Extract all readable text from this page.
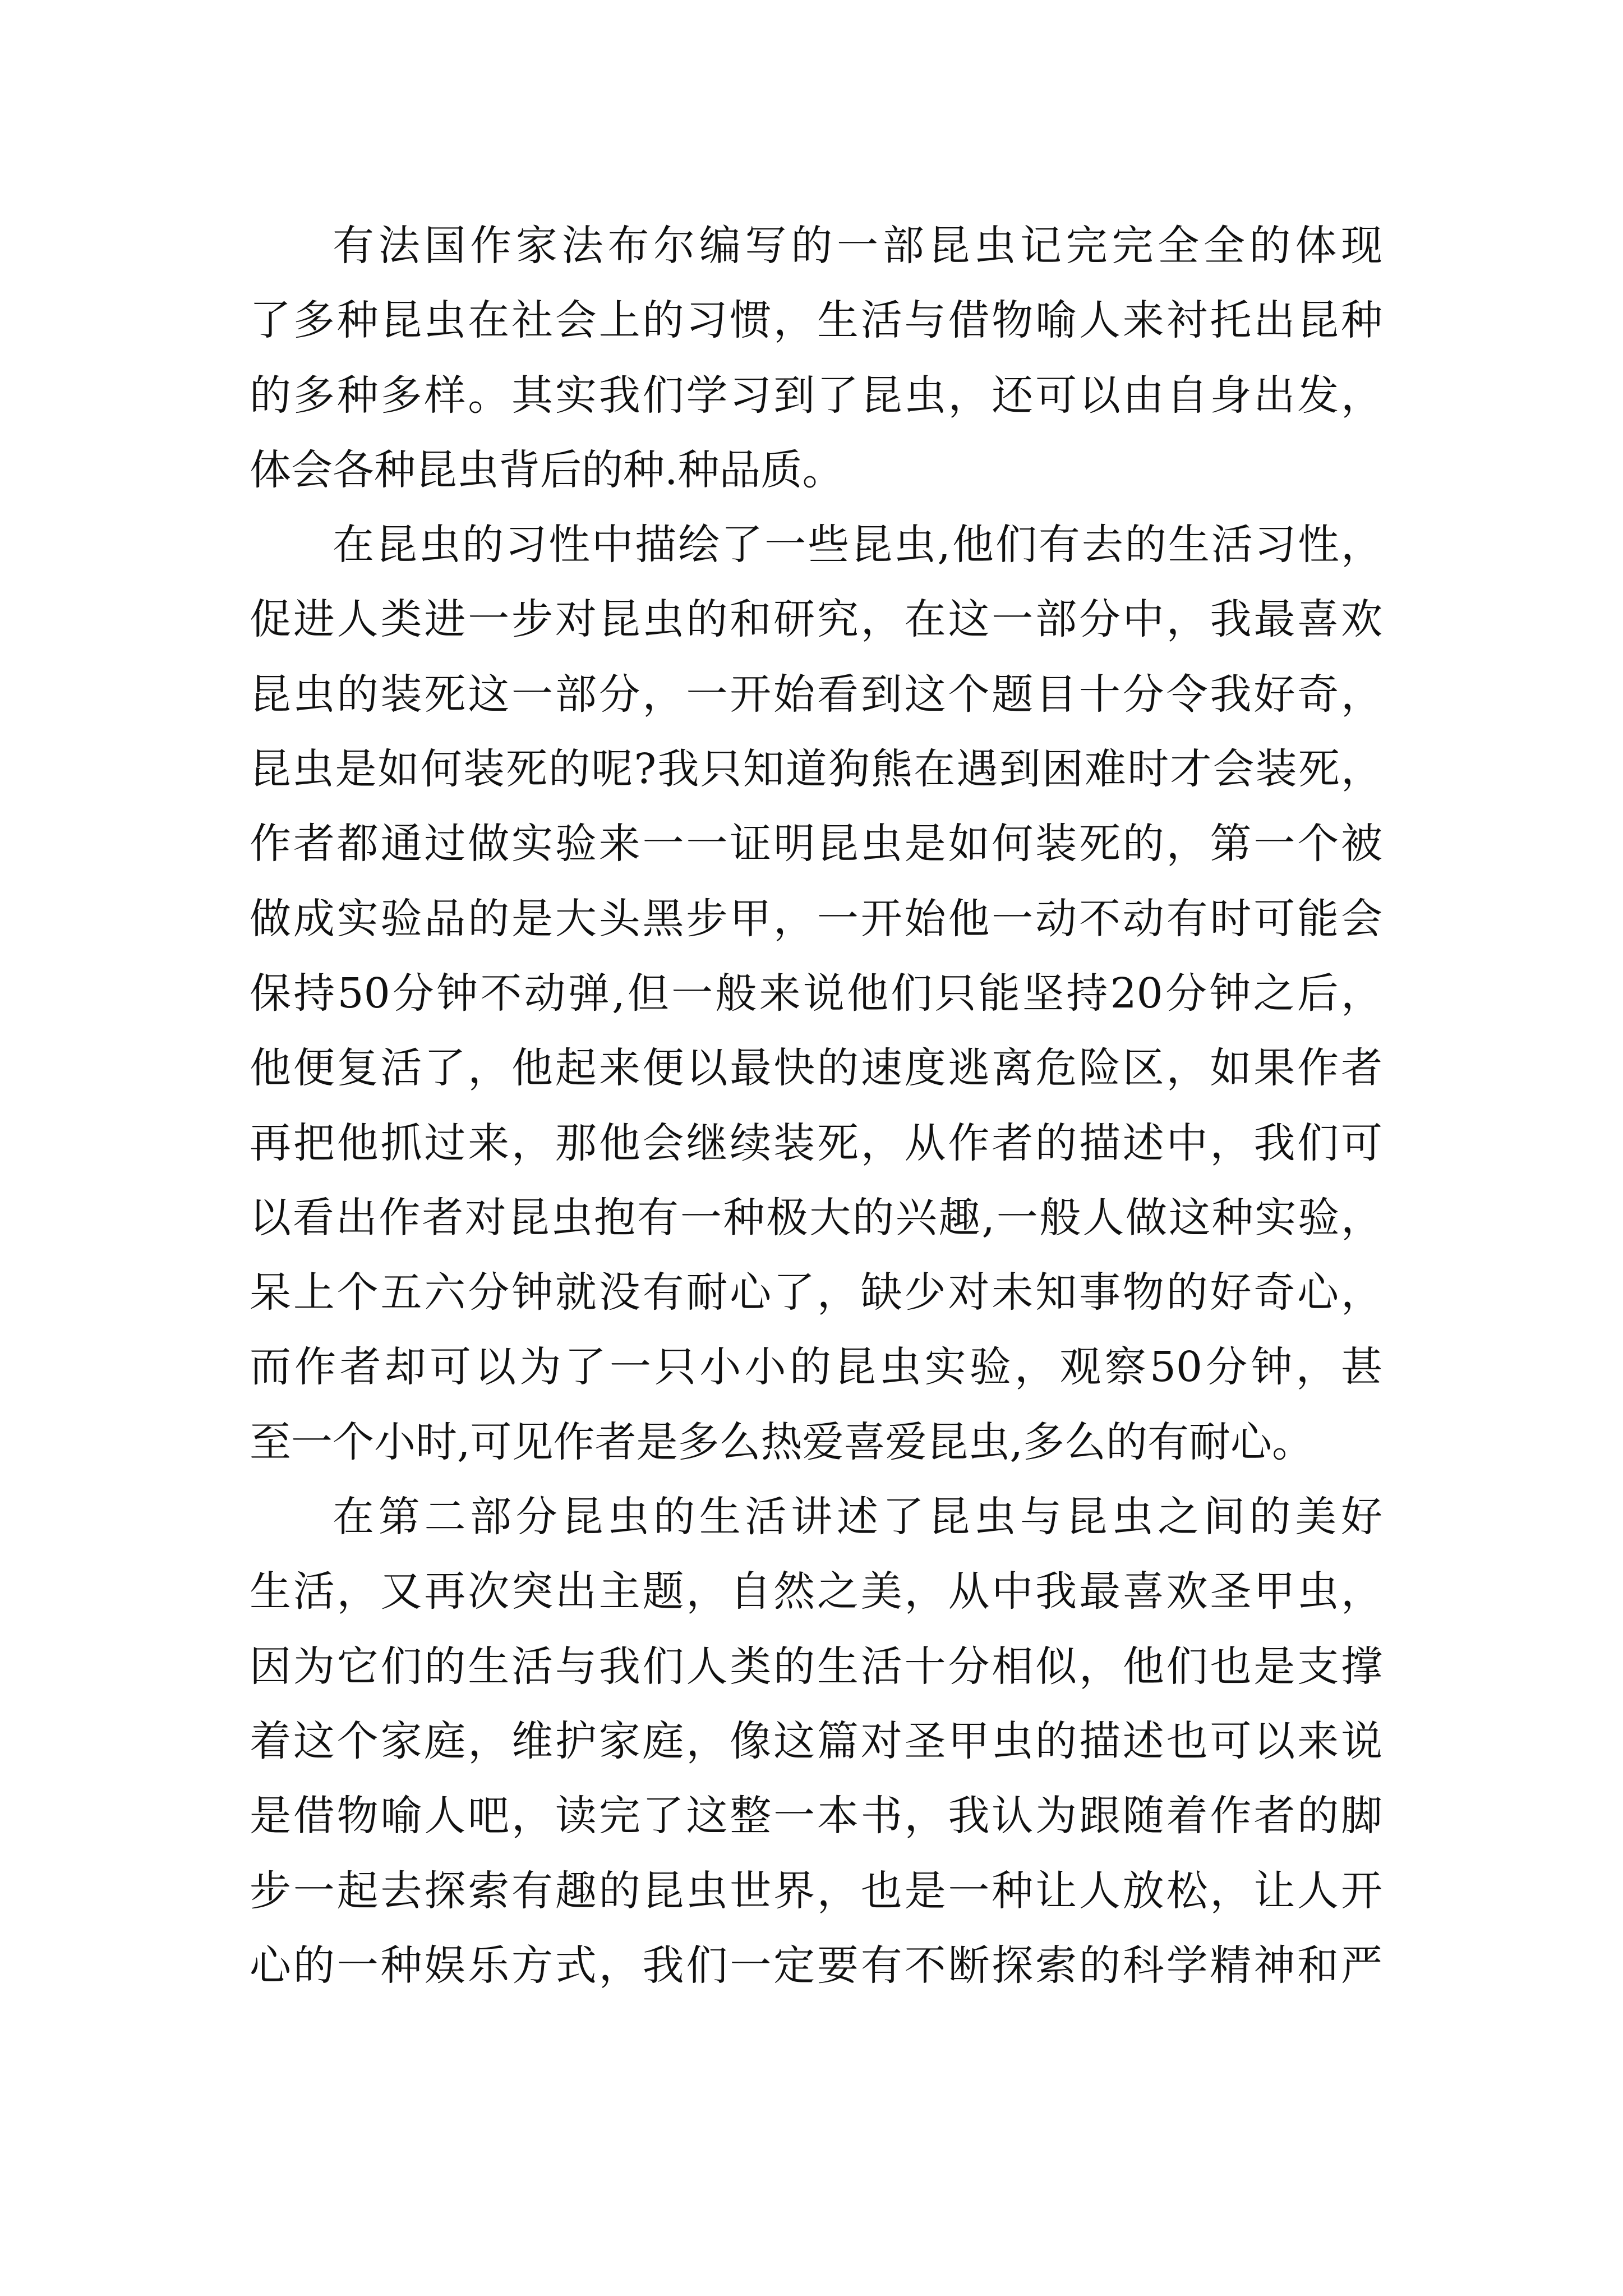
有法国作家法布尔编写的一部昆虫记完完全全的体现
了多种昆虫在社会上的习惯，生活与借物喻人来衬托出昆种
的多种多样。其实我们学习到了昆虫，还可以由自身出发，
体会各种昆虫背后的种.种品质。
在昆虫的习性中描绘了一些昆虫,他们有去的生活习性，
促进人类进一步对昆虫的和研究，在这一部分中，我最喜欢
昆虫的装死这一部分，一开始看到这个题目十分令我好奇，
昆虫是如何装死的呢?我只知道狗熊在遇到困难时才会装死，
作者都通过做实验来一一证明昆虫是如何装死的，第一个被
做成实验品的是大头黑步甲，一开始他一动不动有时可能会
保持50分钟不动弹,但一般来说他们只能坚持20分钟之后，
他便复活了，他起来便以最快的速度逃离危险区，如果作者
再把他抓过来，那他会继续装死，从作者的描述中，我们可
以看出作者对昆虫抱有一种极大的兴趣,一般人做这种实验，
呆上个五六分钟就没有耐心了，缺少对未知事物的好奇心，
而作者却可以为了一只小小的昆虫实验，观察50分钟，甚
至一个小时,可见作者是多么热爱喜爱昆虫,多么的有耐心。
在第二部分昆虫的生活讲述了昆虫与昆虫之间的美好
生活，又再次突出主题，自然之美，从中我最喜欢圣甲虫，
因为它们的生活与我们人类的生活十分相似，他们也是支撑
着这个家庭，维护家庭，像这篇对圣甲虫的描述也可以来说
是借物喻人吧，读完了这整一本书，我认为跟随着作者的脚
步一起去探索有趣的昆虫世界，也是一种让人放松，让人开
心的一种娱乐方式，我们一定要有不断探索的科学精神和严
